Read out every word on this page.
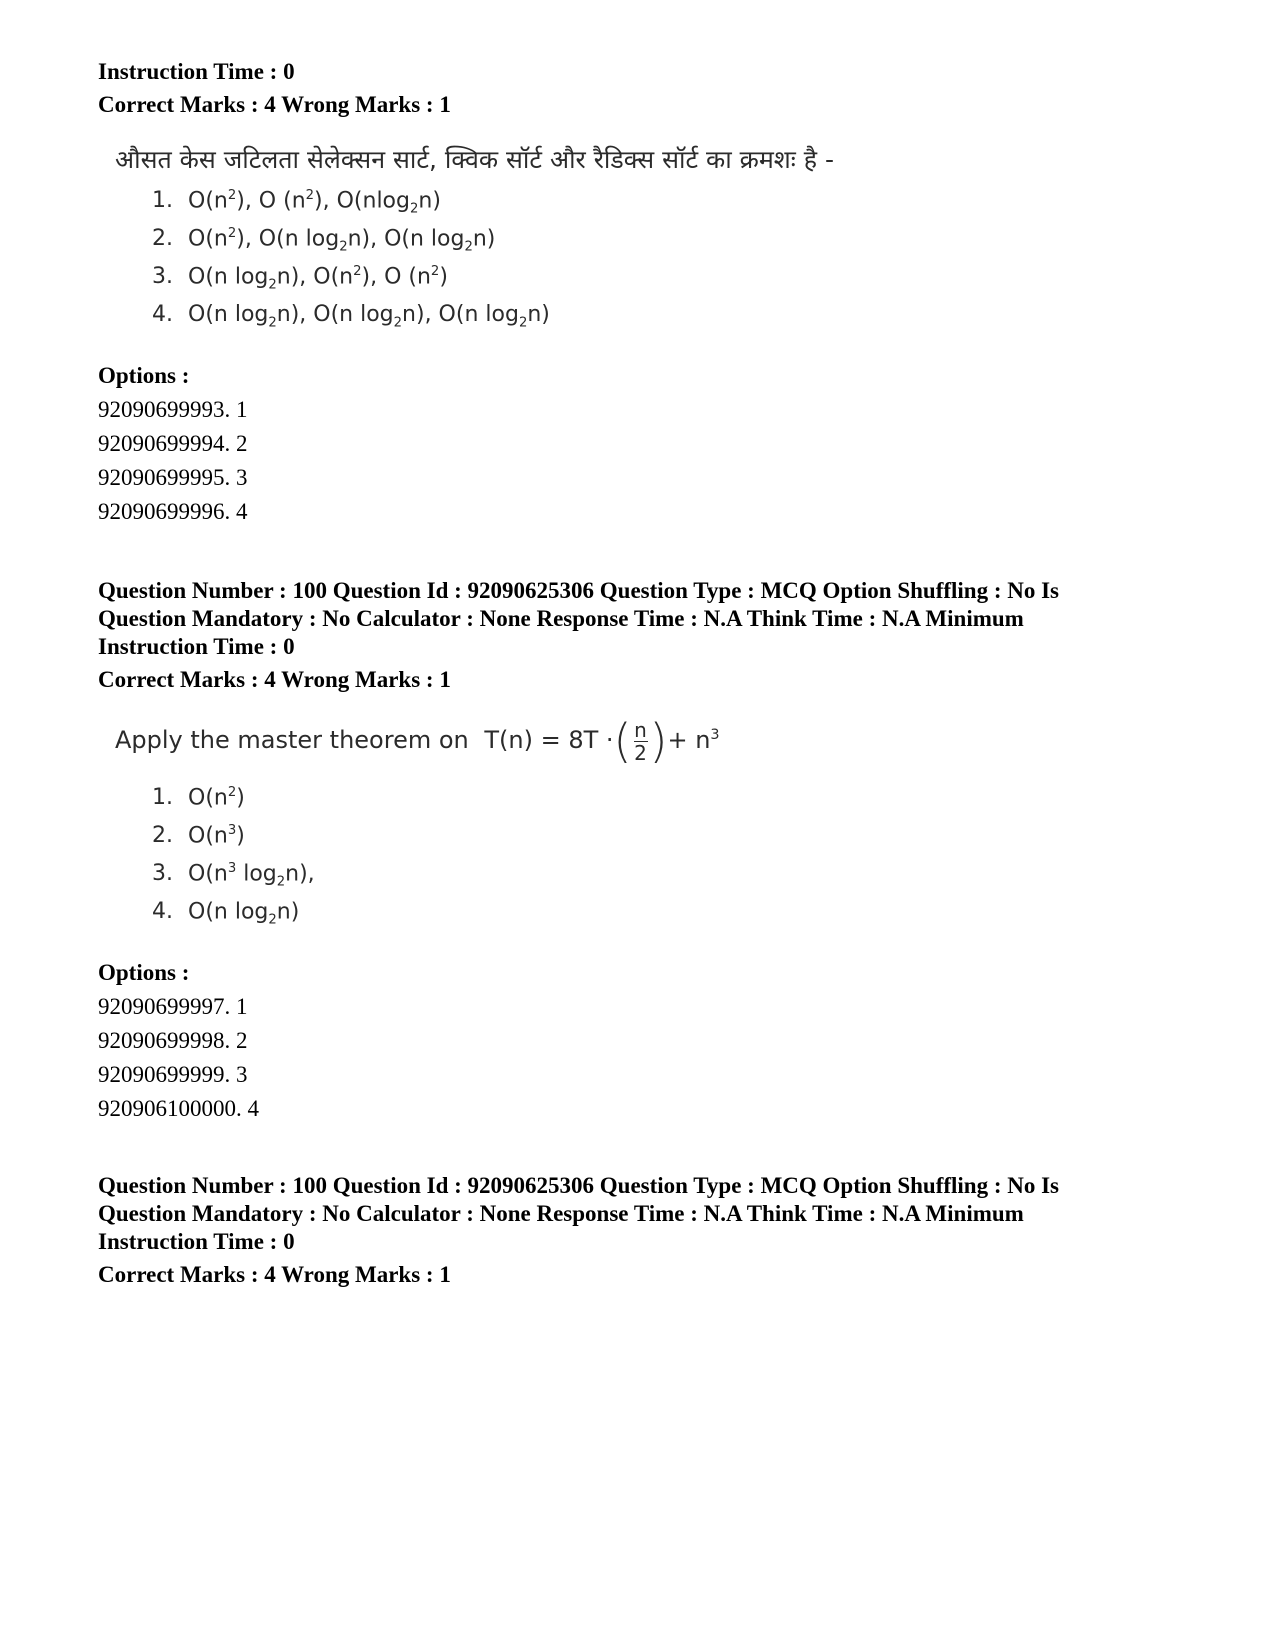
Instruction Time : 0
Correct Marks : 4 Wrong Marks : 1
औसत केस जटिलता सेलेक्सन सार्ट, क्विक सॉर्ट और रैडिक्स सॉर्ट का क्रमशः है -
1. $O(n^2)$, O $(n^2)$, O(nlog$_2$n)
2. $O(n^2)$, O(n $\log_2n$), O(n $\log_2n$)
3. O(n $\log_2n$), $O(n^2)$, O $(n^2)$
4. O(n $\log_2n$), O(n $\log_2n$), O(n $\log_2n$)
Options :
92090699993. 1
92090699994. 2
92090699995. 3
92090699996. 4
Question Number : 100 Question Id : 92090625306 Question Type : MCQ Option Shuffling : No Is
Question Mandatory : No Calculator : None Response Time : N.A Think Time : N.A Minimum
Instruction Time : 0
Correct Marks : 4 Wrong Marks : 1
Apply the master theorem on T(n) = 8T ·( $\frac{n}{2}$ )+ $n^3$
1. $O(n^2)$
2. $O(n^3)$
3. $O(n^3$ $\log_2n$),
4. O(n $\log_2n$)
Options :
92090699997. 1
92090699998. 2
92090699999. 3
920906100000. 4
Question Number : 100 Question Id : 92090625306 Question Type : MCQ Option Shuffling : No Is
Question Mandatory : No Calculator : None Response Time : N.A Think Time : N.A Minimum
Instruction Time : 0
Correct Marks : 4 Wrong Marks : 1
